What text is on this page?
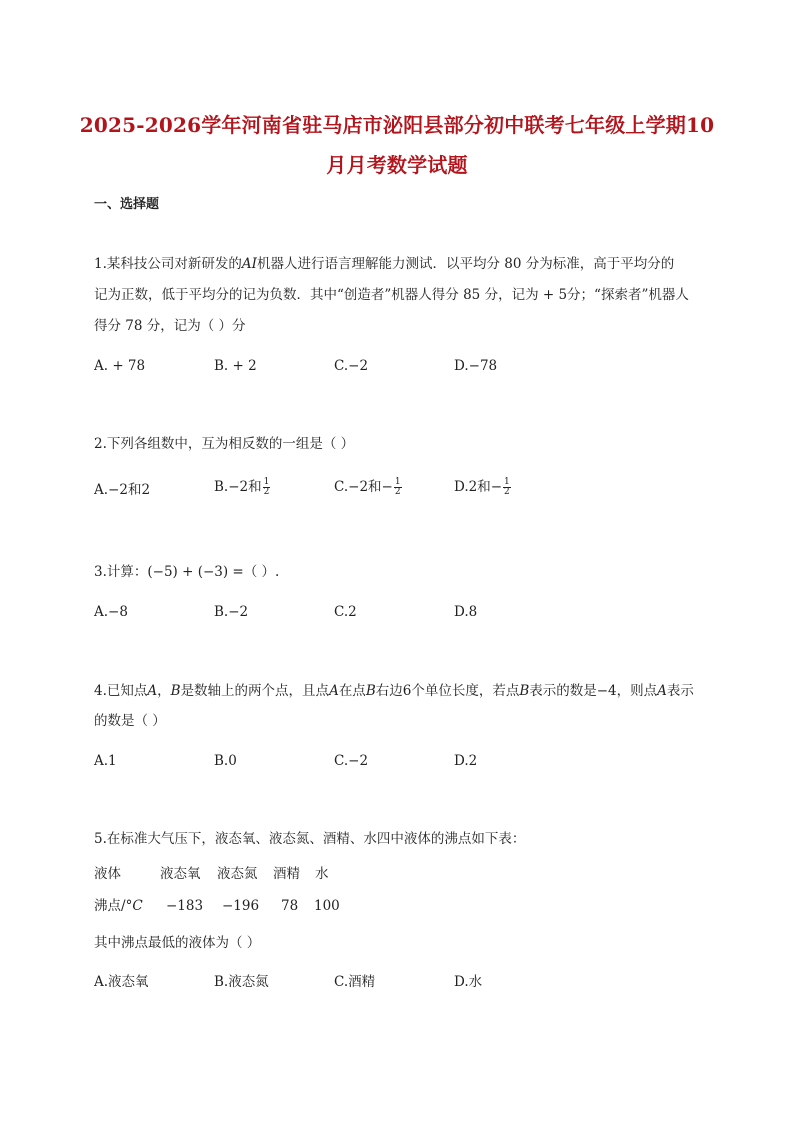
2025-2026学年河南省驻马店市泌阳县部分初中联考七年级上学期10
月月考数学试题
一、选择题
1.某科技公司对新研发的AI机器人进行语言理解能力测试．以平均分 80 分为标准，高于平均分的
记为正数，低于平均分的记为负数．其中“创造者”机器人得分 85 分，记为 + 5分；“探索者”机器人
得分 78 分，记为（ ）分
A. + 78	B. + 2	C.−2	D.−78
2.下列各组数中，互为相反数的一组是（ ）
A.−2和2	B.−2和 $\frac{1}{2}$	C.−2和− $\frac{1}{2}$	D.2和− $\frac{1}{2}$
3.计算：(−5) + (−3) =（ ）.
A.−8	B.−2	C.2	D.8
4.已知点A，B是数轴上的两个点，且点A在点B右边6个单位长度，若点B表示的数是−4，则点A表示
的数是（ ）
A.1	B.0	C.−2	D.2
5.在标准大气压下，液态氧、液态氮、酒精、水四中液体的沸点如下表：
液体	液态氧 液态氮 酒精 水
沸点/°C −183 −196 78 100
其中沸点最低的液体为（ ）
A.液态氧	B.液态氮	C.酒精	D.水
